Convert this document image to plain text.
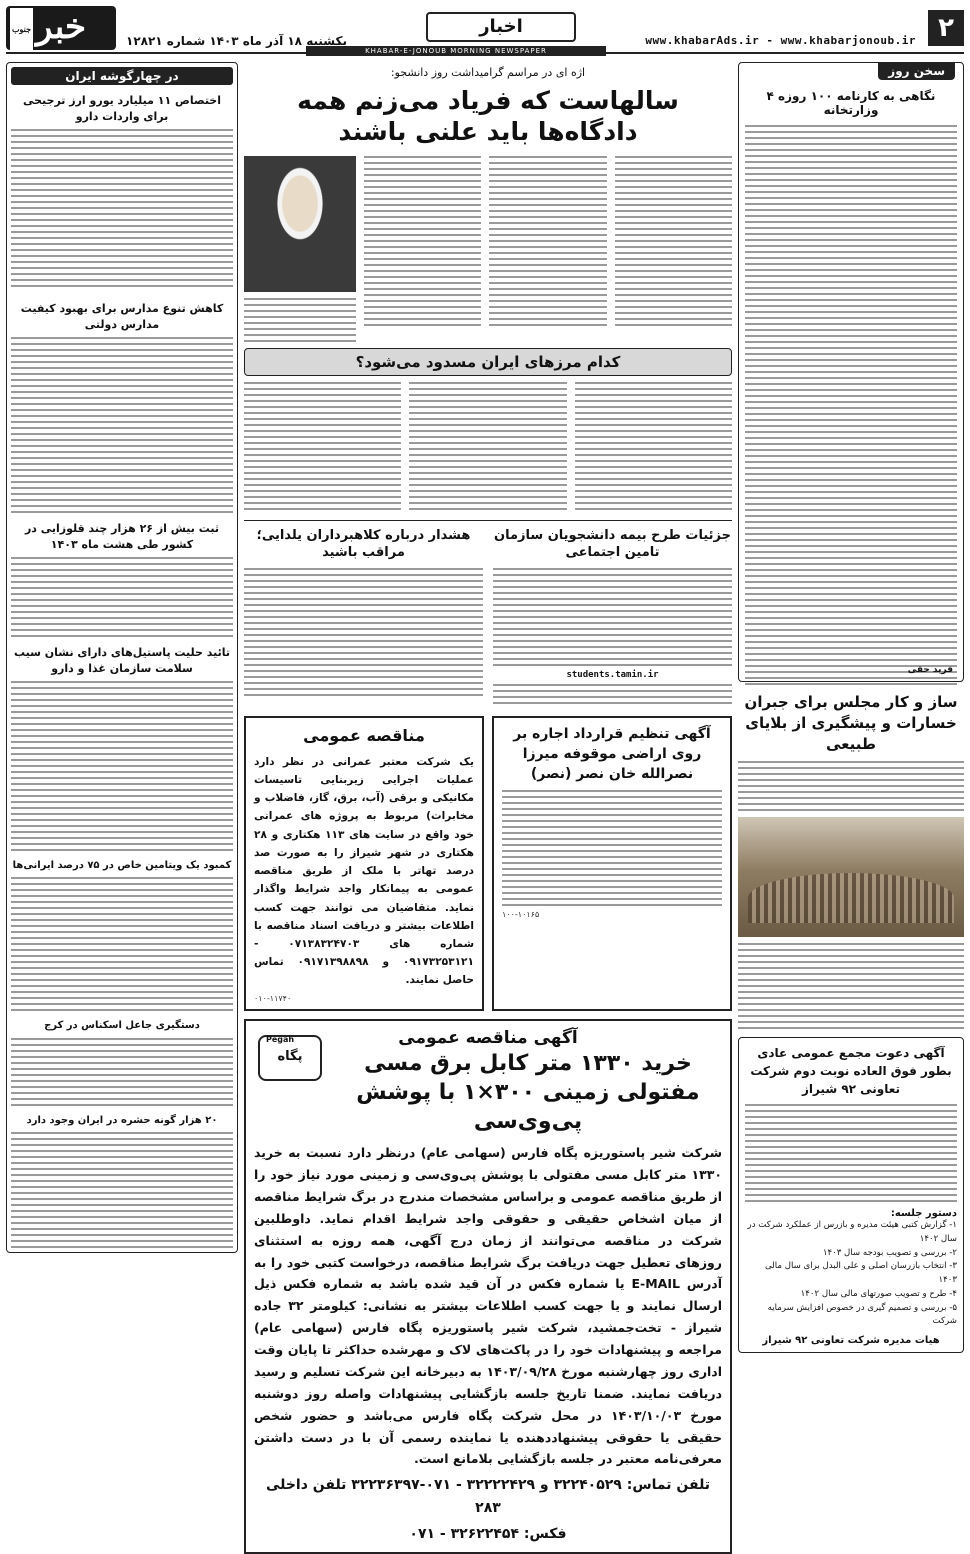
۲
www.khabarAds.ir - www.khabarjonoub.ir
اخبار
KHABAR-E-JONOUB MORNING NEWSPAPER
یکشنبه ۱۸ آذر ماه ۱۴۰۳ شماره ۱۲۸۲۱
جنوب خبر
سخن روز
نگاهی به کارنامه ۱۰۰ روزه ۴ وزارتخانه
فرید حقی
ساز و کار مجلس برای جبران خسارات و پیشگیری از بلایای طبیعی
آگهی دعوت مجمع عمومی عادی بطور فوق العاده نوبت دوم شرکت تعاونی ۹۲ شیراز
دستور جلسه:
۱- گزارش کتبی هیئت مدیره و بازرس از عملکرد شرکت در سال ۱۴۰۲
۲- بررسی و تصویب بودجه سال ۱۴۰۳
۳- انتخاب بازرسان اصلی و علی البدل برای سال مالی ۱۴۰۳
۴- طرح و تصویب صورتهای مالی سال ۱۴۰۲
۵- بررسی و تصمیم گیری در خصوص افزایش سرمایه شرکت
هیات مدیره شرکت تعاونی ۹۲ شیراز
در چهارگوشه ایران
اختصاص ۱۱ میلیارد یورو ارز ترجیحی برای واردات دارو
کاهش تنوع مدارس برای بهبود کیفیت مدارس دولتی
ثبت بیش از ۲۶ هزار چند قلوزایی در کشور طی هشت ماه ۱۴۰۳
تائید حلیت پاستیل‌های دارای نشان سیب سلامت سازمان غذا و دارو
کمبود یک ویتامین خاص در ۷۵ درصد ایرانی‌ها
دستگیری جاعل اسکناس در کرج
۲۰ هزار گونه حشره در ایران وجود دارد
اژه ای در مراسم گرامیداشت روز دانشجو:
سالهاست که فریاد می‌زنم همه دادگاه‌ها باید علنی باشند
کدام مرزهای ایران مسدود می‌شود؟
جزئیات طرح بیمه دانشجویان سازمان تامین اجتماعی
students.tamin.ir
هشدار درباره کلاهبرداران یلدایی؛ مراقب باشید
آگهی تنظیم قرارداد اجاره بر روی اراضی موقوفه میرزا نصرالله خان نصر (نصر)
۱۰۰-۱۰۱۶۵
مناقصه عمومی
یک شرکت معتبر عمرانی در نظر دارد عملیات اجرایی زیربنایی تاسیسات مکانیکی و برقی (آب، برق، گاز، فاضلاب و مخابرات) مربوط به پروژه های عمرانی خود واقع در سایت های ۱۱۳ هکتاری و ۲۸ هکتاری در شهر شیراز را به صورت صد درصد تهاتر با ملک از طریق مناقصه عمومی به پیمانکار واجد شرایط واگذار نماید. متقاضیان می توانند جهت کسب اطلاعات بیشتر و دریافت اسناد مناقصه با شماره های ۰۷۱۳۸۳۲۴۷۰۳ - ۰۹۱۷۳۲۵۳۱۲۱ و ۰۹۱۷۱۳۹۸۸۹۸ تماس حاصل نمایند.
۰۱۰-۱۱۷۴۰
Pegah
پگاه
آگهی مناقصه عمومی
خرید ۱۳۳۰ متر کابل برق مسی مفتولی زمینی ۳۰۰×۱ با پوشش پی‌وی‌سی
شرکت شیر پاستوریزه پگاه فارس (سهامی عام) درنظر دارد نسبت به خرید ۱۳۳۰ متر کابل مسی مفتولی با پوشش پی‌وی‌سی و زمینی مورد نیاز خود را از طریق مناقصه عمومی و براساس مشخصات مندرج در برگ شرایط مناقصه از میان اشخاص حقیقی و حقوقی واجد شرایط اقدام نماید. داوطلبین شرکت در مناقصه می‌توانند از زمان درج آگهی، همه روزه به استثنای روزهای تعطیل جهت دریافت برگ شرایط مناقصه، درخواست کتبی خود را به آدرس E-MAIL یا شماره فکس در آن قید شده باشد به شماره فکس ذیل ارسال نمایند و یا جهت کسب اطلاعات بیشتر به نشانی: کیلومتر ۳۲ جاده شیراز - تخت‌جمشید، شرکت شیر پاستوریزه پگاه فارس (سهامی عام) مراجعه و پیشنهادات خود را در پاکت‌های لاک و مهرشده حداکثر تا پایان وقت اداری روز چهارشنبه مورخ ۱۴۰۳/۰۹/۲۸ به دبیرخانه این شرکت تسلیم و رسید دریافت نمایند. ضمنا تاریخ جلسه بازگشایی پیشنهادات واصله روز دوشنبه مورخ ۱۴۰۳/۱۰/۰۳ در محل شرکت پگاه فارس می‌باشد و حضور شخص حقیقی یا حقوقی پیشنهاددهنده یا نماینده رسمی آن با در دست داشتن معرفی‌نامه معتبر در جلسه بازگشایی بلامانع است.
تلفن تماس: ۳۲۲۴۰۵۲۹ و ۳۲۲۲۲۴۲۹ - ۰۷۱-۳۲۲۳۶۳۹۷ تلفن داخلی ۲۸۳
فکس: ۳۲۶۲۲۴۵۴ - ۰۷۱
